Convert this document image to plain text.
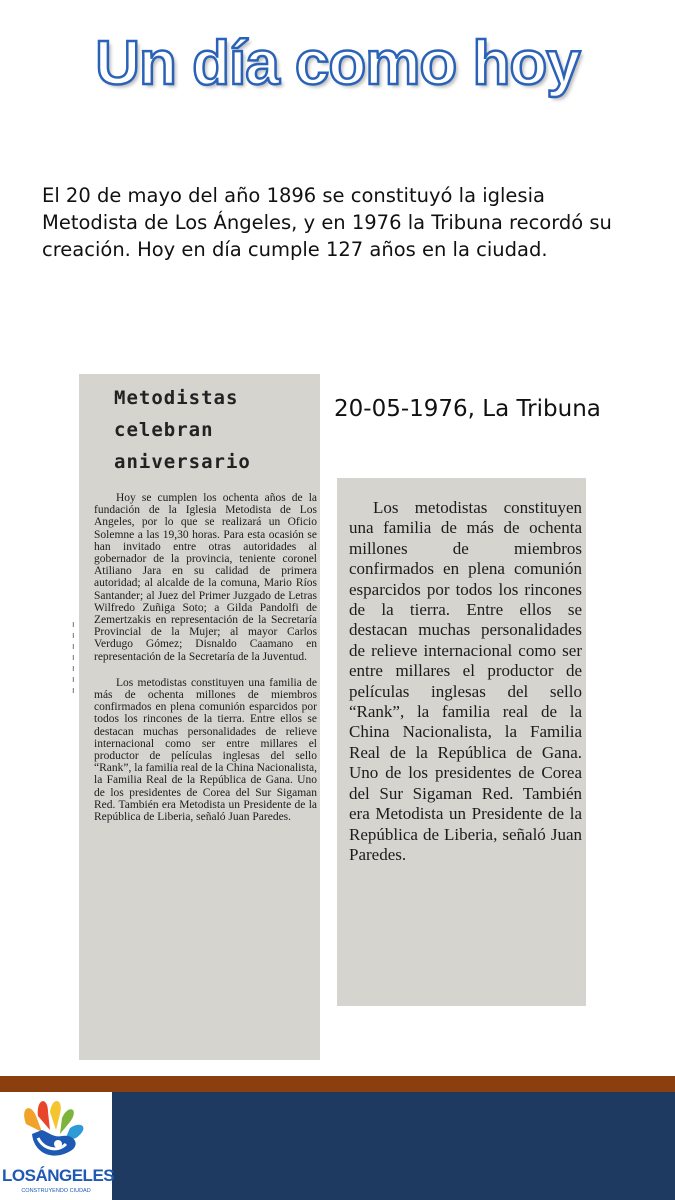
Un día como hoy
El 20 de mayo del año 1896 se constituyó la iglesia Metodista de Los Ángeles, y en 1976 la Tribuna recordó su creación. Hoy en día cumple 127 años en la ciudad.
20-05-1976, La Tribuna
ı
ı
ı
ı
ı
ı
ı
Metodistas
celebran
aniversario

Hoy se cumplen los ochenta años de la fundación de la Iglesia Metodista de Los Angeles, por lo que se realizará un Oficio Solemne a las 19,30 horas. Para esta ocasión se han invitado entre otras autoridades al gobernador de la provincia, teniente coronel Atiliano Jara en su calidad de primera autoridad; al alcalde de la comuna, Mario Ríos Santander; al Juez del Primer Juzgado de Letras Wilfredo Zuñiga Soto; a Gilda Pandolfi de Zemertzakis en representación de la Secretaría Provincial de la Mujer; al mayor Carlos Verdugo Gómez; Disnaldo Caamano en representación de la Secretaría de la Juventud.

Los metodistas constituyen una familia de más de ochenta millones de miembros confirmados en plena comunión esparcidos por todos los rincones de la tierra. Entre ellos se destacan muchas personalidades de relieve internacional como ser entre millares el productor de películas inglesas del sello “Rank”, la familia real de la China Nacionalista, la Familia Real de la República de Gana. Uno de los presidentes de Corea del Sur Sigaman Red. También era Metodista un Presidente de la República de Liberia, señaló Juan Paredes.

Los metodistas constituyen una familia de más de ochenta millones de miembros confirmados en plena comunión esparcidos por todos los rincones de la tierra. Entre ellos se destacan muchas personalidades de relieve internacional como ser entre millares el productor de películas inglesas del sello “Rank”, la familia real de la China Nacionalista, la Familia Real de la República de Gana. Uno de los presidentes de Corea del Sur Sigaman Red. También era Metodista un Presidente de la República de Liberia, señaló Juan Paredes.
LOSÁNGELES
CONSTRUYENDO CIUDAD
